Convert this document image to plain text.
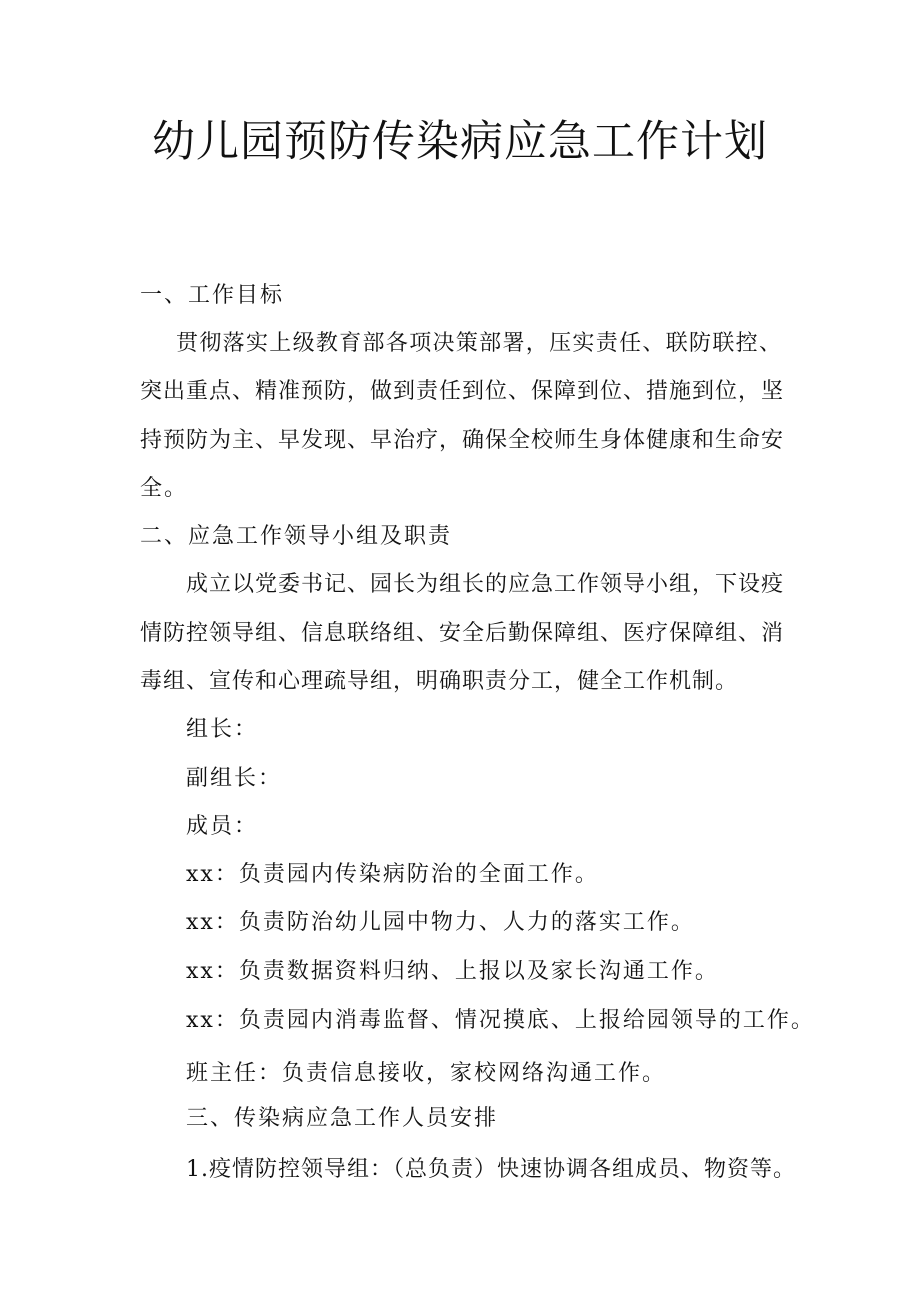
幼儿园预防传染病应急工作计划

一、工作目标

贯彻落实上级教育部各项决策部署，压实责任、联防联控、

突出重点、精准预防，做到责任到位、保障到位、措施到位，坚

持预防为主、早发现、早治疗，确保全校师生身体健康和生命安

全。

二、应急工作领导小组及职责

成立以党委书记、园长为组长的应急工作领导小组，下设疫

情防控领导组、信息联络组、安全后勤保障组、医疗保障组、消

毒组、宣传和心理疏导组，明确职责分工，健全工作机制。

组长：

副组长：

成员：

xx：负责园内传染病防治的全面工作。

xx：负责防治幼儿园中物力、人力的落实工作。

xx：负责数据资料归纳、上报以及家长沟通工作。

xx：负责园内消毒监督、情况摸底、上报给园领导的工作。

班主任：负责信息接收，家校网络沟通工作。

三、传染病应急工作人员安排

1.疫情防控领导组：（总负责）快速协调各组成员、物资等。
